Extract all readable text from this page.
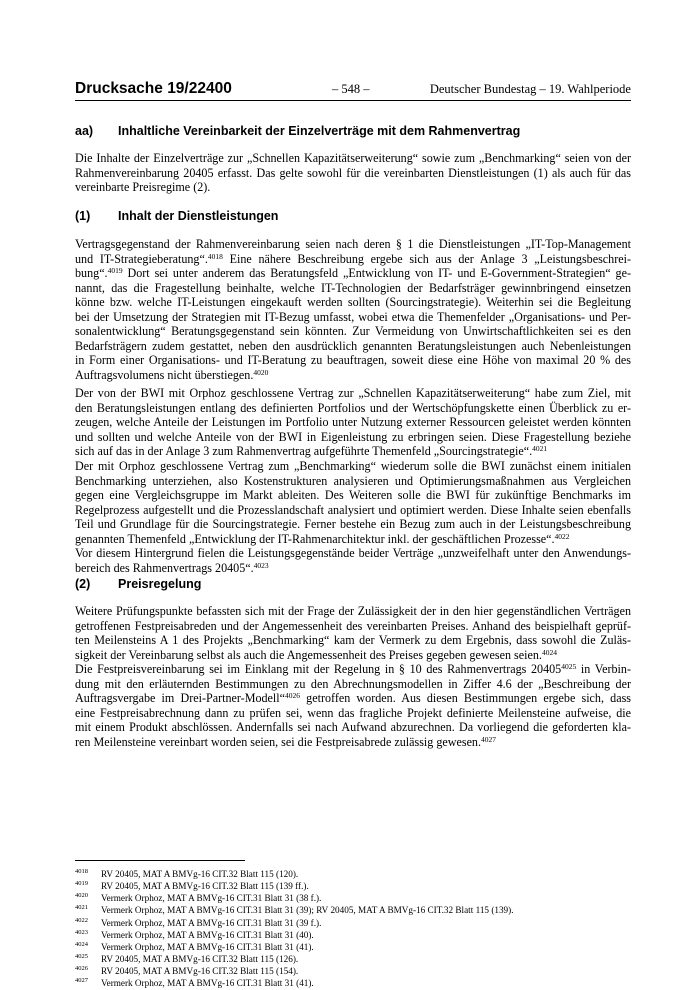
Drucksache 19/22400	– 548 –	Deutscher Bundestag – 19. Wahlperiode
aa) Inhaltliche Vereinbarkeit der Einzelverträge mit dem Rahmenvertrag
Die Inhalte der Einzelverträge zur „Schnellen Kapazitätserweiterung“ sowie zum „Benchmarking“ seien von der
Rahmenvereinbarung 20405 erfasst. Das gelte sowohl für die vereinbarten Dienstleistungen (1) als auch für das
vereinbarte Preisregime (2).
(1) Inhalt der Dienstleistungen
Vertragsgegenstand der Rahmenvereinbarung seien nach deren § 1 die Dienstleistungen „IT-Top-Management
und IT-Strategieberatung“.$^{4018}$ Eine nähere Beschreibung ergebe sich aus der Anlage 3 „Leistungsbeschrei-
bung“.$^{4019}$ Dort sei unter anderem das Beratungsfeld „Entwicklung von IT- und E-Government-Strategien“ ge-
nannt, das die Fragestellung beinhalte, welche IT-Technologien der Bedarfsträger gewinnbringend einsetzen
könne bzw. welche IT-Leistungen eingekauft werden sollten (Sourcingstrategie). Weiterhin sei die Begleitung
bei der Umsetzung der Strategien mit IT-Bezug umfasst, wobei etwa die Themenfelder „Organisations- und Per-
sonalentwicklung“ Beratungsgegenstand sein könnten. Zur Vermeidung von Unwirtschaftlichkeiten sei es den
Bedarfsträgern zudem gestattet, neben den ausdrücklich genannten Beratungsleistungen auch Nebenleistungen
in Form einer Organisations- und IT-Beratung zu beauftragen, soweit diese eine Höhe von maximal 20 % des
Auftragsvolumens nicht überstiegen.$^{4020}$
Der von der BWI mit Orphoz geschlossene Vertrag zur „Schnellen Kapazitätserweiterung“ habe zum Ziel, mit
den Beratungsleistungen entlang des definierten Portfolios und der Wertschöpfungskette einen Überblick zu er-
zeugen, welche Anteile der Leistungen im Portfolio unter Nutzung externer Ressourcen geleistet werden könnten
und sollten und welche Anteile von der BWI in Eigenleistung zu erbringen seien. Diese Fragestellung beziehe
sich auf das in der Anlage 3 zum Rahmenvertrag aufgeführte Themenfeld „Sourcingstrategie“.$^{4021}$
Der mit Orphoz geschlossene Vertrag zum „Benchmarking“ wiederum solle die BWI zunächst einem initialen
Benchmarking unterziehen, also Kostenstrukturen analysieren und Optimierungsmaßnahmen aus Vergleichen
gegen eine Vergleichsgruppe im Markt ableiten. Des Weiteren solle die BWI für zukünftige Benchmarks im
Regelprozess aufgestellt und die Prozesslandschaft analysiert und optimiert werden. Diese Inhalte seien ebenfalls
Teil und Grundlage für die Sourcingstrategie. Ferner bestehe ein Bezug zum auch in der Leistungsbeschreibung
genannten Themenfeld „Entwicklung der IT-Rahmenarchitektur inkl. der geschäftlichen Prozesse“.$^{4022}$
Vor diesem Hintergrund fielen die Leistungsgegenstände beider Verträge „unzweifelhaft unter den Anwendungs-
bereich des Rahmenvertrags 20405“.$^{4023}$
(2) Preisregelung
Weitere Prüfungspunkte befassten sich mit der Frage der Zulässigkeit der in den hier gegenständlichen Verträgen
getroffenen Festpreisabreden und der Angemessenheit des vereinbarten Preises. Anhand des beispielhaft geprüf-
ten Meilensteins A 1 des Projekts „Benchmarking“ kam der Vermerk zu dem Ergebnis, dass sowohl die Zuläs-
sigkeit der Vereinbarung selbst als auch die Angemessenheit des Preises gegeben gewesen seien.$^{4024}$
Die Festpreisvereinbarung sei im Einklang mit der Regelung in § 10 des Rahmenvertrags $20405^{4025}$ in Verbin-
dung mit den erläuternden Bestimmungen zu den Abrechnungsmodellen in Ziffer 4.6 der „Beschreibung der
Auftragsvergabe im Drei-Partner-Modell“$^{4026}$ getroffen worden. Aus diesen Bestimmungen ergebe sich, dass
eine Festpreisabrechnung dann zu prüfen sei, wenn das fragliche Projekt definierte Meilensteine aufweise, die
mit einem Produkt abschlössen. Andernfalls sei nach Aufwand abzurechnen. Da vorliegend die geforderten kla-
ren Meilensteine vereinbart worden seien, sei die Festpreisabrede zulässig gewesen.$^{4027}$
4018 RV 20405, MAT A BMVg-16 CIT.32 Blatt 115 (120).
4019 RV 20405, MAT A BMVg-16 CIT.32 Blatt 115 (139 ff.).
4020 Vermerk Orphoz, MAT A BMVg-16 CIT.31 Blatt 31 (38 f.).
4021 Vermerk Orphoz, MAT A BMVg-16 CIT.31 Blatt 31 (39); RV 20405, MAT A BMVg-16 CIT.32 Blatt 115 (139).
4022 Vermerk Orphoz, MAT A BMVg-16 CIT.31 Blatt 31 (39 f.).
4023 Vermerk Orphoz, MAT A BMVg-16 CIT.31 Blatt 31 (40).
4024 Vermerk Orphoz, MAT A BMVg-16 CIT.31 Blatt 31 (41).
4025 RV 20405, MAT A BMVg-16 CIT.32 Blatt 115 (126).
4026 RV 20405, MAT A BMVg-16 CIT.32 Blatt 115 (154).
4027 Vermerk Orphoz, MAT A BMVg-16 CIT.31 Blatt 31 (41).
